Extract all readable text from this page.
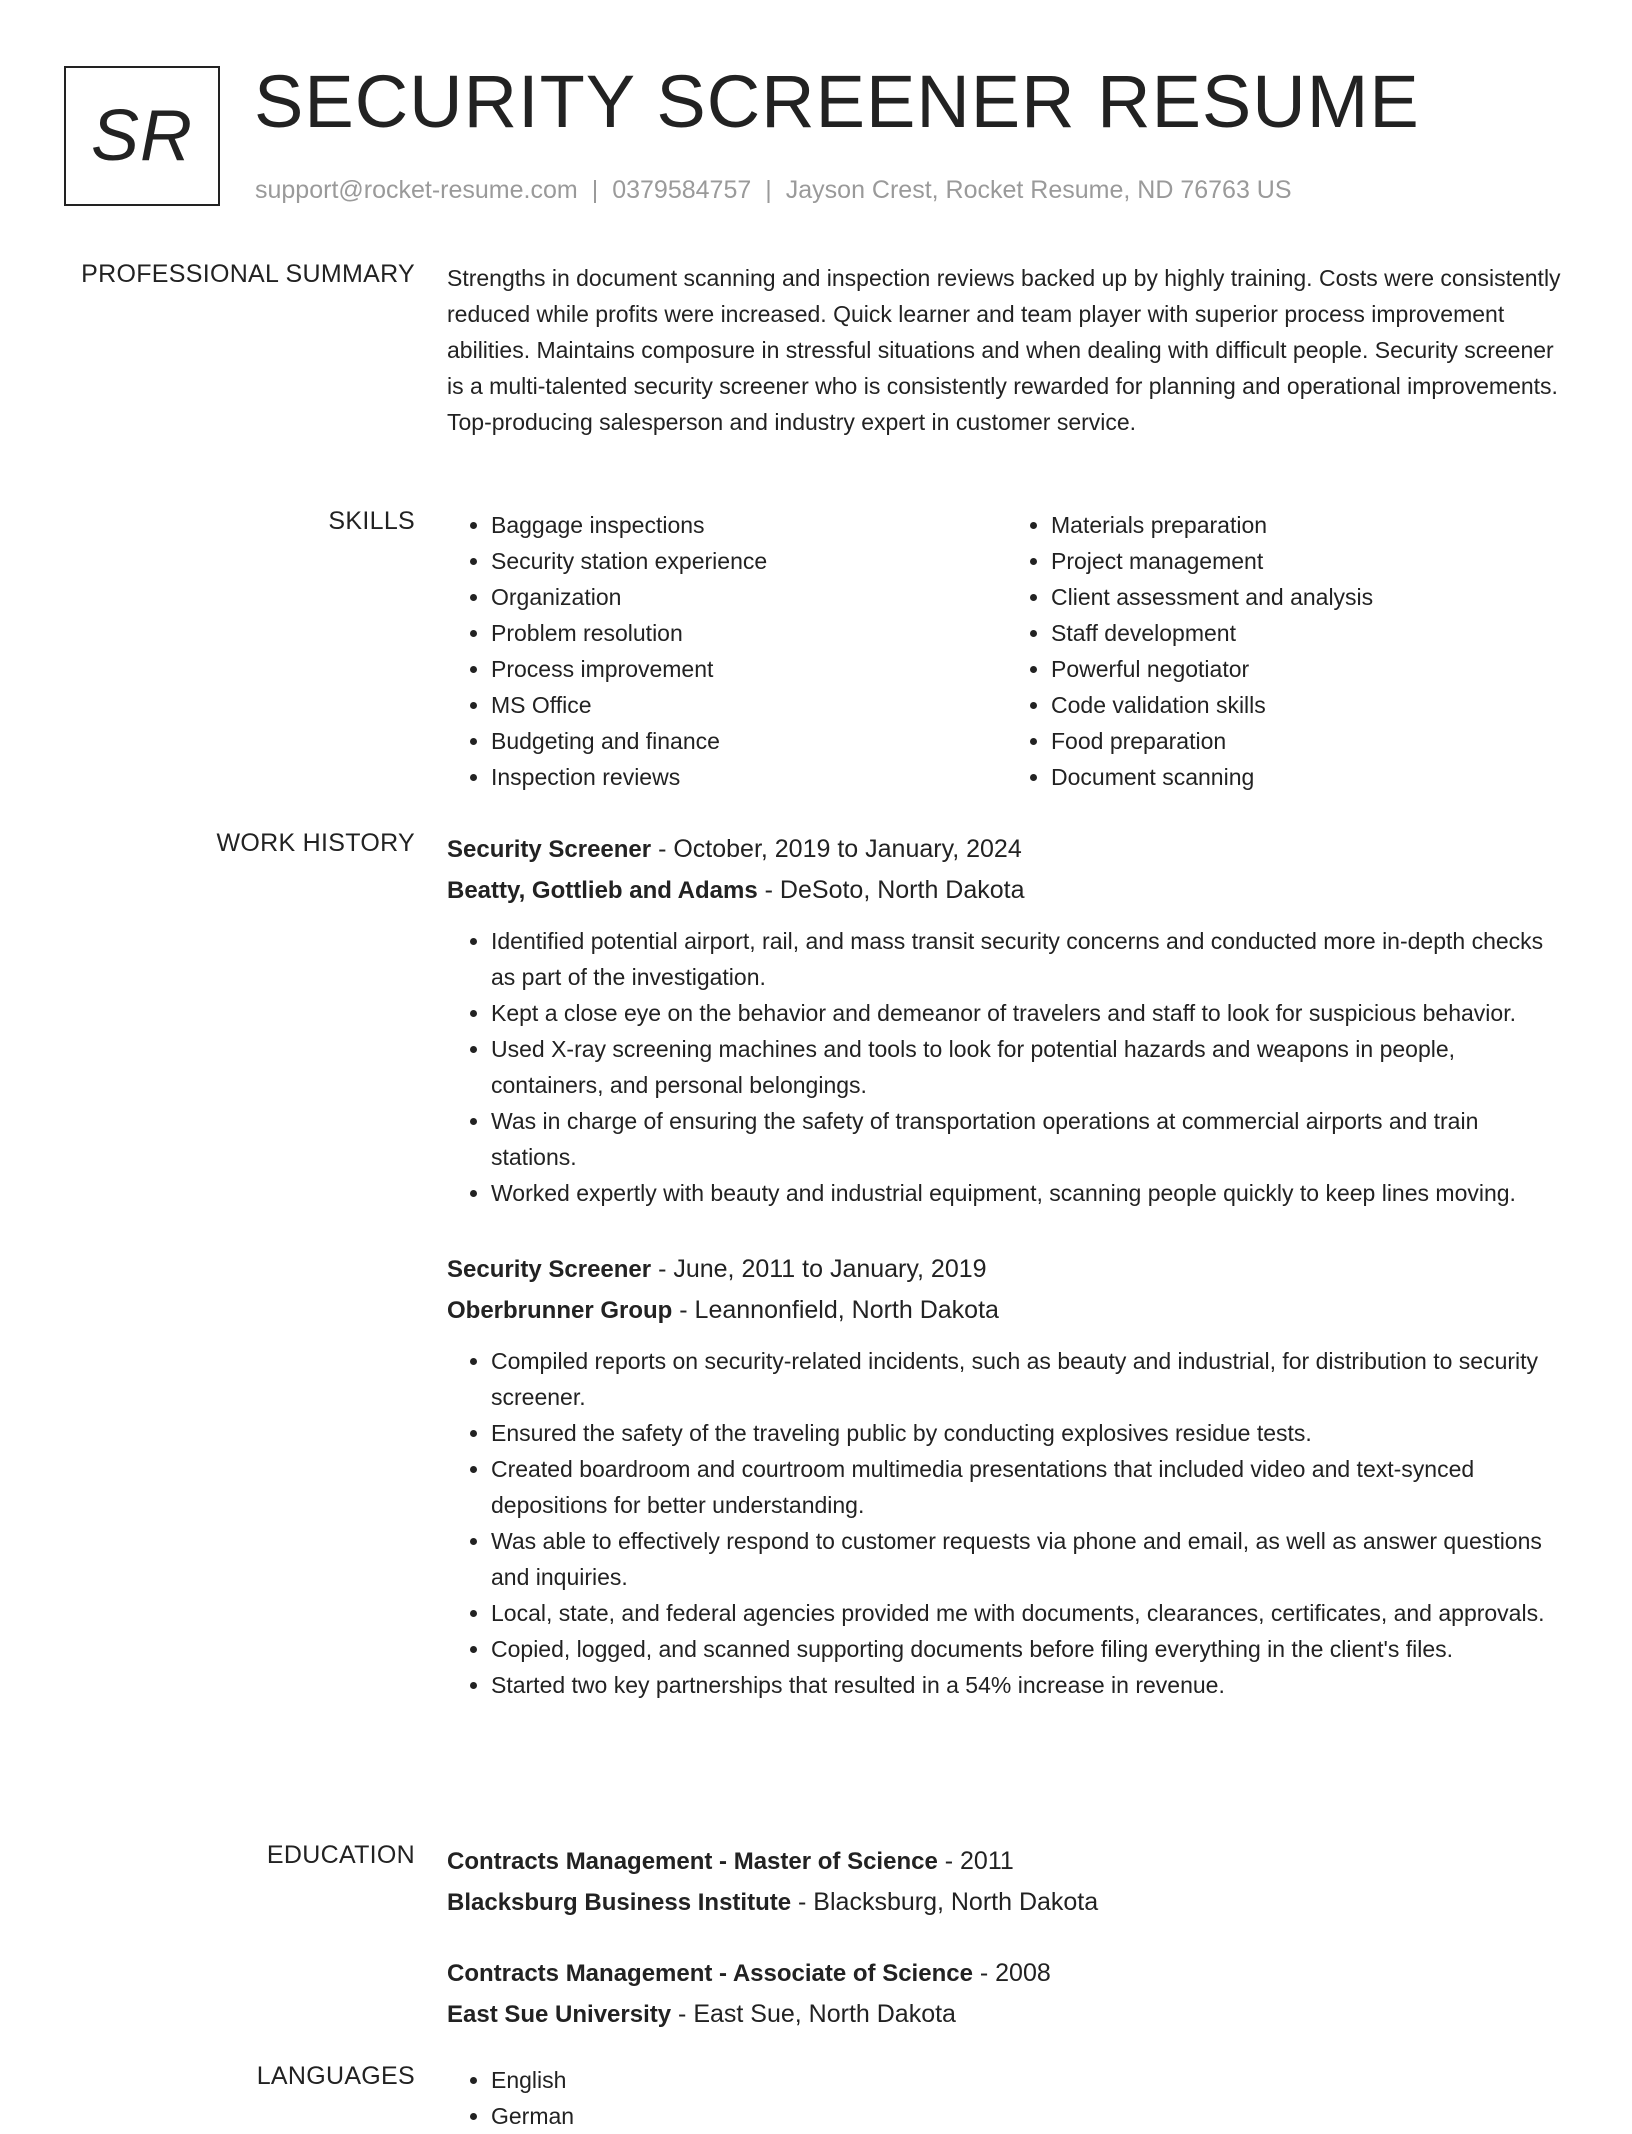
SR SECURITY SCREENER RESUME
support@rocket-resume.com | 0379584757 | Jayson Crest, Rocket Resume, ND 76763 US
PROFESSIONAL SUMMARY Strengths in document scanning and inspection reviews backed up by highly training. Costs were consistently reduced while profits were increased. Quick learner and team player with superior process improvement abilities. Maintains composure in stressful situations and when dealing with difficult people. Security screener is a multi-talented security screener who is consistently rewarded for planning and operational improvements. Top-producing salesperson and industry expert in customer service.

SKILLS	• Baggage inspections
• Security station experience
• Organization
• Problem resolution
• Process improvement
• MS Office
• Budgeting and finance
• Inspection reviews
• Materials preparation
• Project management
• Client assessment and analysis
• Staff development
• Powerful negotiator
• Code validation skills
• Food preparation
• Document scanning
WORK HISTORY Security Screener - October, 2019 to January, 2024
Beatty, Gottlieb and Adams - DeSoto, North Dakota
• Identified potential airport, rail, and mass transit security concerns and conducted more in-depth checks as part of the investigation.
• Kept a close eye on the behavior and demeanor of travelers and staff to look for suspicious behavior.
• Used X-ray screening machines and tools to look for potential hazards and weapons in people, containers, and personal belongings.
• Was in charge of ensuring the safety of transportation operations at commercial airports and train stations.
• Worked expertly with beauty and industrial equipment, scanning people quickly to keep lines moving.
Security Screener - June, 2011 to January, 2019
Oberbrunner Group - Leannonfield, North Dakota
• Compiled reports on security-related incidents, such as beauty and industrial, for distribution to security screener.
• Ensured the safety of the traveling public by conducting explosives residue tests.
• Created boardroom and courtroom multimedia presentations that included video and text-synced depositions for better understanding.
• Was able to effectively respond to customer requests via phone and email, as well as answer questions and inquiries.
• Local, state, and federal agencies provided me with documents, clearances, certificates, and approvals.
• Copied, logged, and scanned supporting documents before filing everything in the client's files.
• Started two key partnerships that resulted in a 54% increase in revenue.
EDUCATION Contracts Management - Master of Science - 2011
Blacksburg Business Institute - Blacksburg, North Dakota
Contracts Management - Associate of Science - 2008
East Sue University - East Sue, North Dakota
LANGUAGES	• English
• German
